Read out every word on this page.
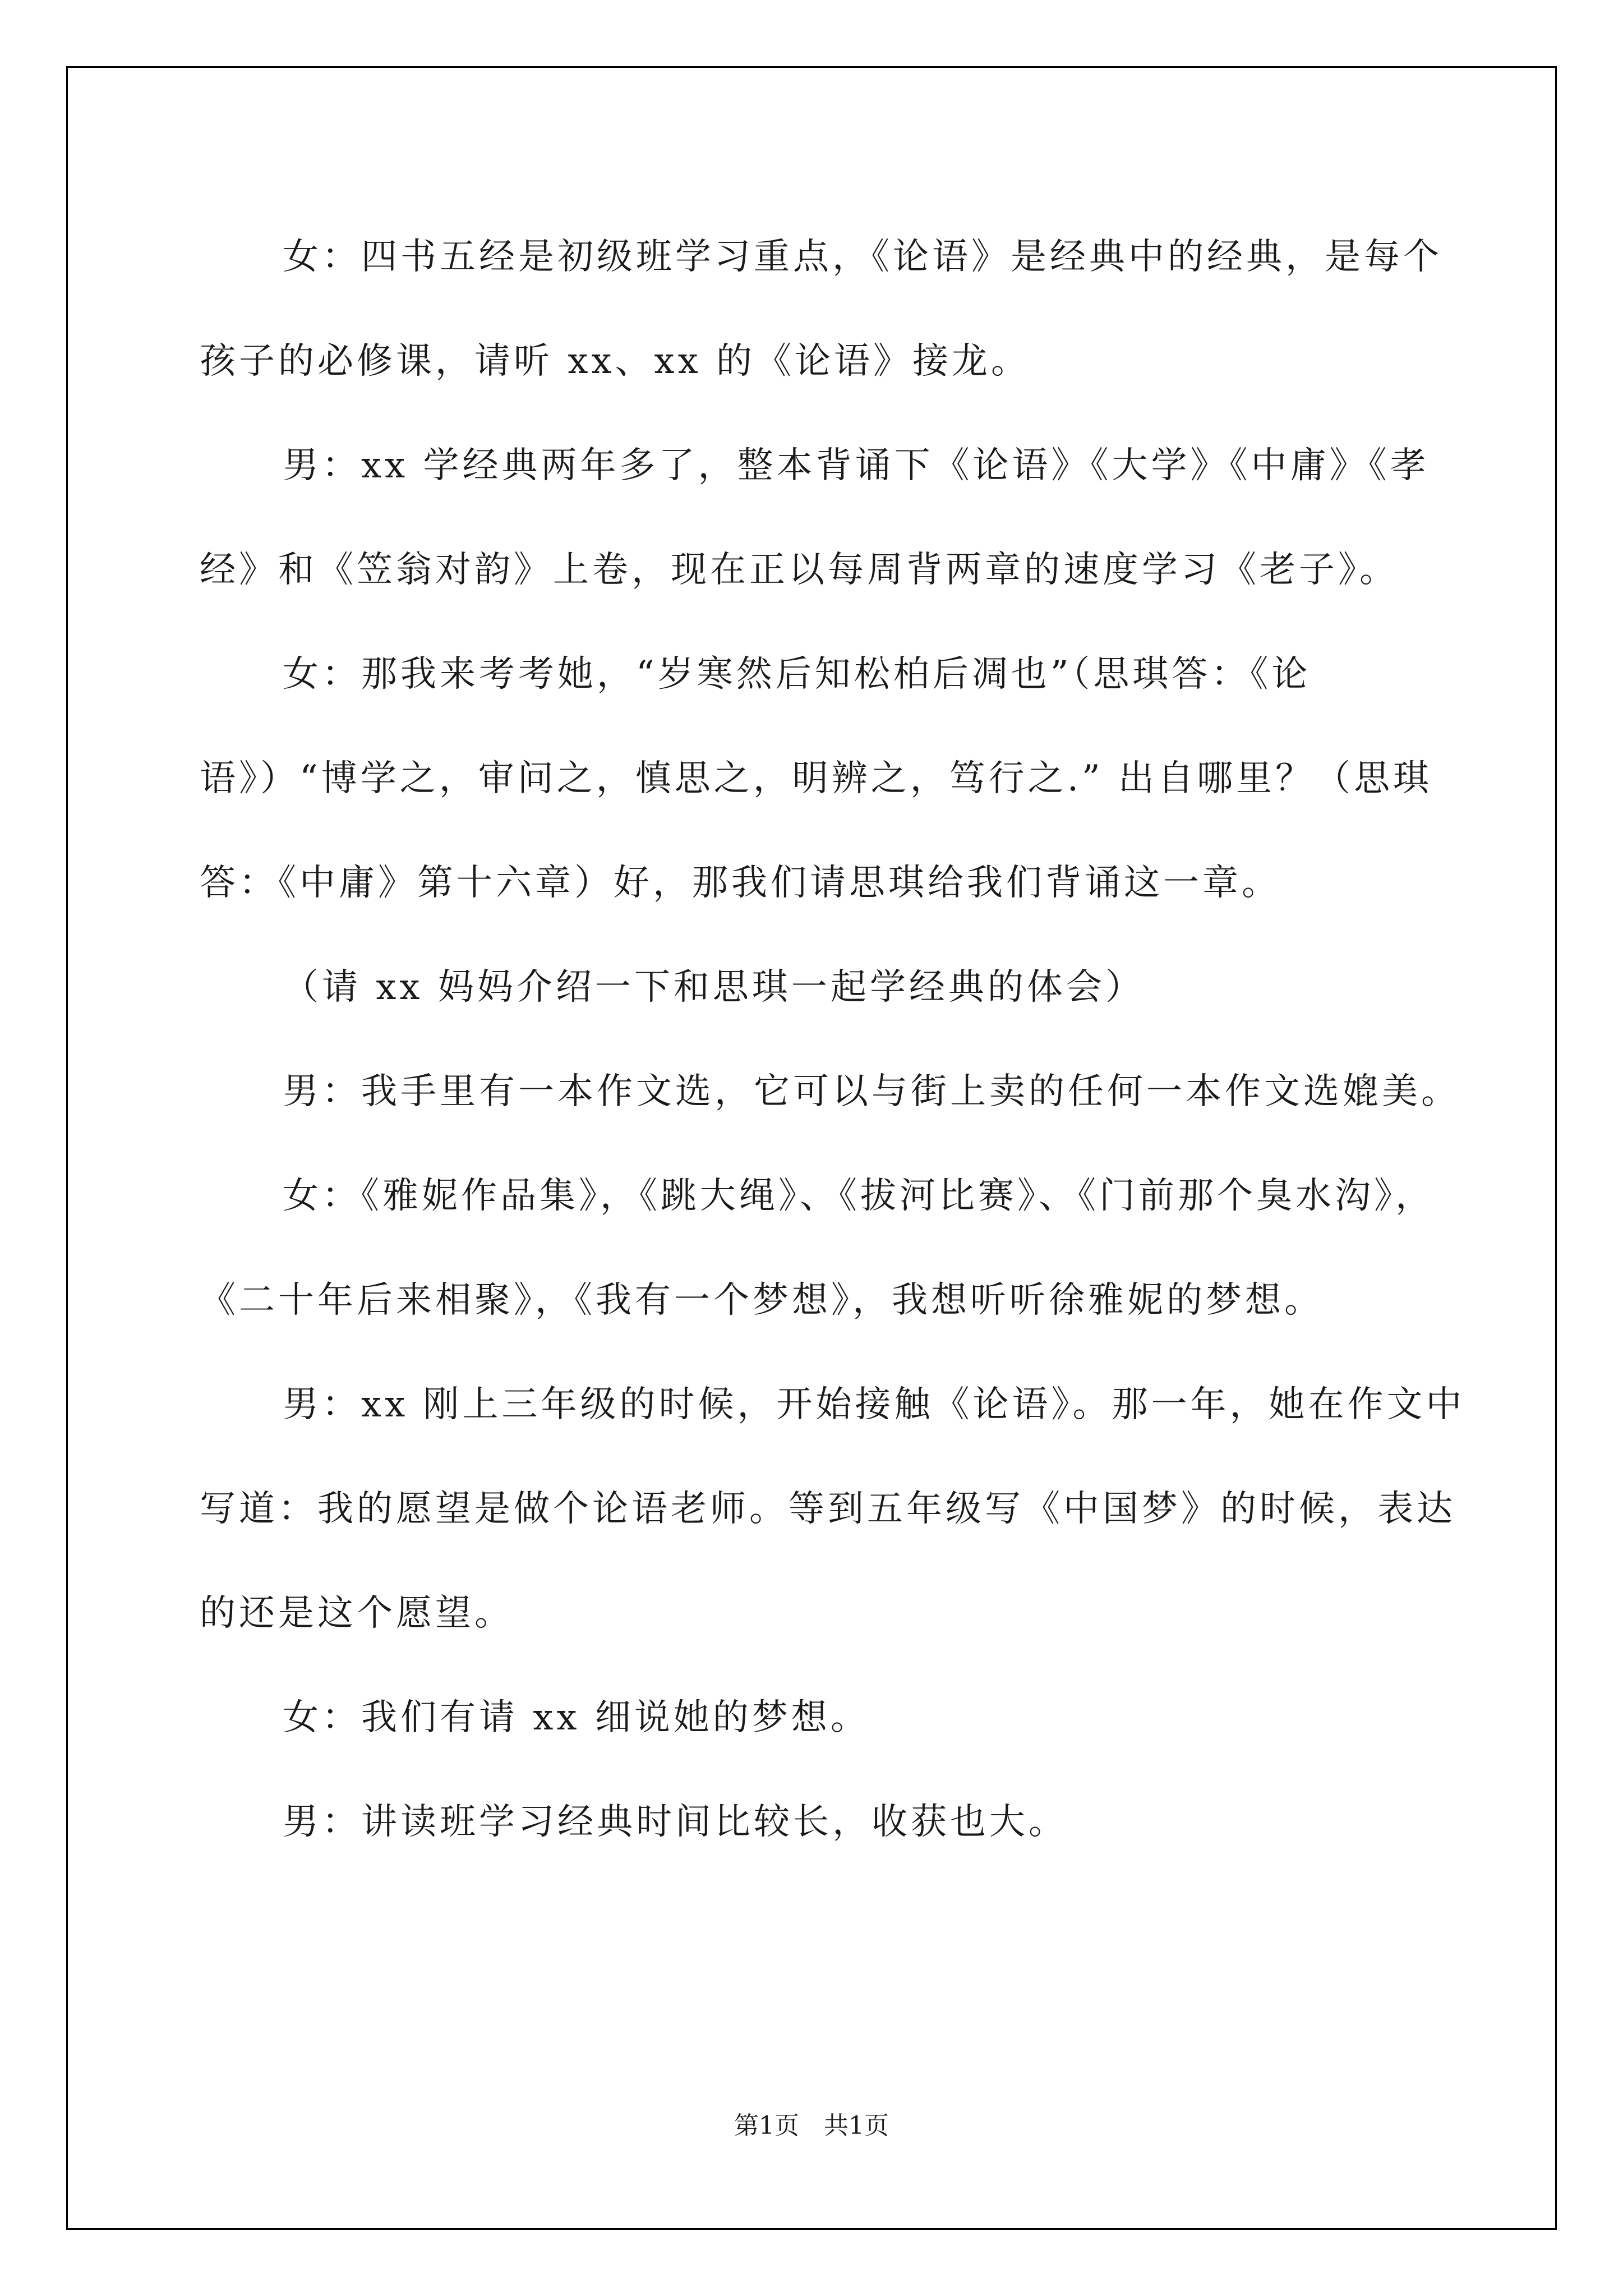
女：四书五经是初级班学习重点，《论语》是经典中的经典，是每个孩子的必修课，请听 xx、xx 的《论语》接龙。

男：xx 学经典两年多了，整本背诵下《论语》《大学》《中庸》《孝经》和《笠翁对韵》上卷，现在正以每周背两章的速度学习《老子》。

女：那我来考考她，“岁寒然后知松柏后凋也”（思琪答：《论语》）“博学之，审问之，慎思之，明辨之，笃行之.” 出自哪里？（思琪答：《中庸》第十六章）好，那我们请思琪给我们背诵这一章。

（请 xx 妈妈介绍一下和思琪一起学经典的体会）

男：我手里有一本作文选，它可以与街上卖的任何一本作文选媲美。

女：《雅妮作品集》，《跳大绳》、《拔河比赛》、《门前那个臭水沟》，《二十年后来相聚》，《我有一个梦想》，我想听听徐雅妮的梦想。

男：xx 刚上三年级的时候，开始接触《论语》。那一年，她在作文中写道：我的愿望是做个论语老师。等到五年级写《中国梦》的时候，表达的还是这个愿望。

女：我们有请 xx 细说她的梦想。

男：讲读班学习经典时间比较长，收获也大。

第1页　共1页
